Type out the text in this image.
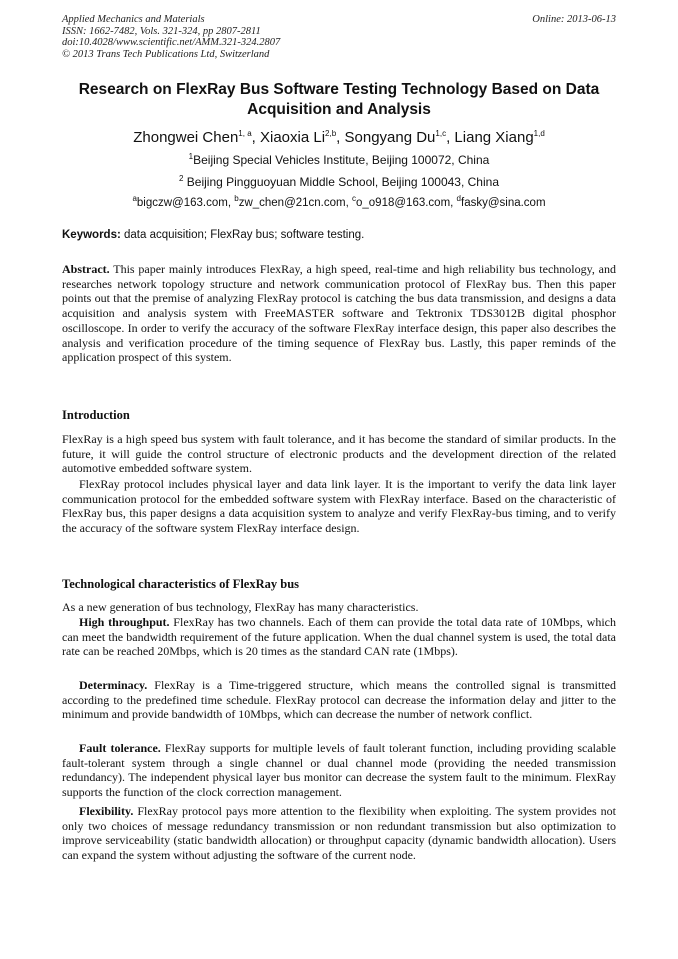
Applied Mechanics and Materials
ISSN: 1662-7482, Vols. 321-324, pp 2807-2811
doi:10.4028/www.scientific.net/AMM.321-324.2807
© 2013 Trans Tech Publications Ltd, Switzerland
Online: 2013-06-13
Research on FlexRay Bus Software Testing Technology Based on Data Acquisition and Analysis
Zhongwei Chen$^{1, a}$, Xiaoxia Li$^{2,b}$, Songyang Du$^{1,c}$, Liang Xiang$^{1,d}$
$^1$Beijing Special Vehicles Institute, Beijing 100072, China
$^2$ Beijing Pingguoyuan Middle School, Beijing 100043, China
$^a$bigczw@163.com, $^b$zw_chen@21cn.com, $^c$o_o918@163.com, $^d$fasky@sina.com
Keywords: data acquisition; FlexRay bus; software testing.
Abstract. This paper mainly introduces FlexRay, a high speed, real-time and high reliability bus technology, and researches network topology structure and network communication protocol of FlexRay bus. Then this paper points out that the premise of analyzing FlexRay protocol is catching the bus data transmission, and designs a data acquisition and analysis system with FreeMASTER software and Tektronix TDS3012B digital phosphor oscilloscope. In order to verify the accuracy of the software FlexRay interface design, this paper also describes the analysis and verification procedure of the timing sequence of FlexRay bus. Lastly, this paper reminds of the application prospect of this system.
Introduction
FlexRay is a high speed bus system with fault tolerance, and it has become the standard of similar products. In the future, it will guide the control structure of electronic products and the development direction of the related automotive embedded software system.
FlexRay protocol includes physical layer and data link layer. It is the important to verify the data link layer communication protocol for the embedded software system with FlexRay interface. Based on the characteristic of FlexRay bus, this paper designs a data acquisition system to analyze and verify FlexRay-bus timing, and to verify the accuracy of the software system FlexRay interface design.
Technological characteristics of FlexRay bus
As a new generation of bus technology, FlexRay has many characteristics.
High throughput. FlexRay has two channels. Each of them can provide the total data rate of 10Mbps, which can meet the bandwidth requirement of the future application. When the dual channel system is used, the total data rate can be reached 20Mbps, which is 20 times as the standard CAN rate (1Mbps).
Determinacy. FlexRay is a Time-triggered structure, which means the controlled signal is transmitted according to the predefined time schedule. FlexRay protocol can decrease the information delay and jitter to the minimum and provide bandwidth of 10Mbps, which can decrease the number of network conflict.
Fault tolerance. FlexRay supports for multiple levels of fault tolerant function, including providing scalable fault-tolerant system through a single channel or dual channel mode (providing the needed transmission redundancy). The independent physical layer bus monitor can decrease the system fault to the minimum. FlexRay supports the function of the clock correction management.
Flexibility. FlexRay protocol pays more attention to the flexibility when exploiting. The system provides not only two choices of message redundancy transmission or non redundant transmission but also optimization to improve serviceability (static bandwidth allocation) or throughput capacity (dynamic bandwidth allocation). Users can expand the system without adjusting the software of the current node.
